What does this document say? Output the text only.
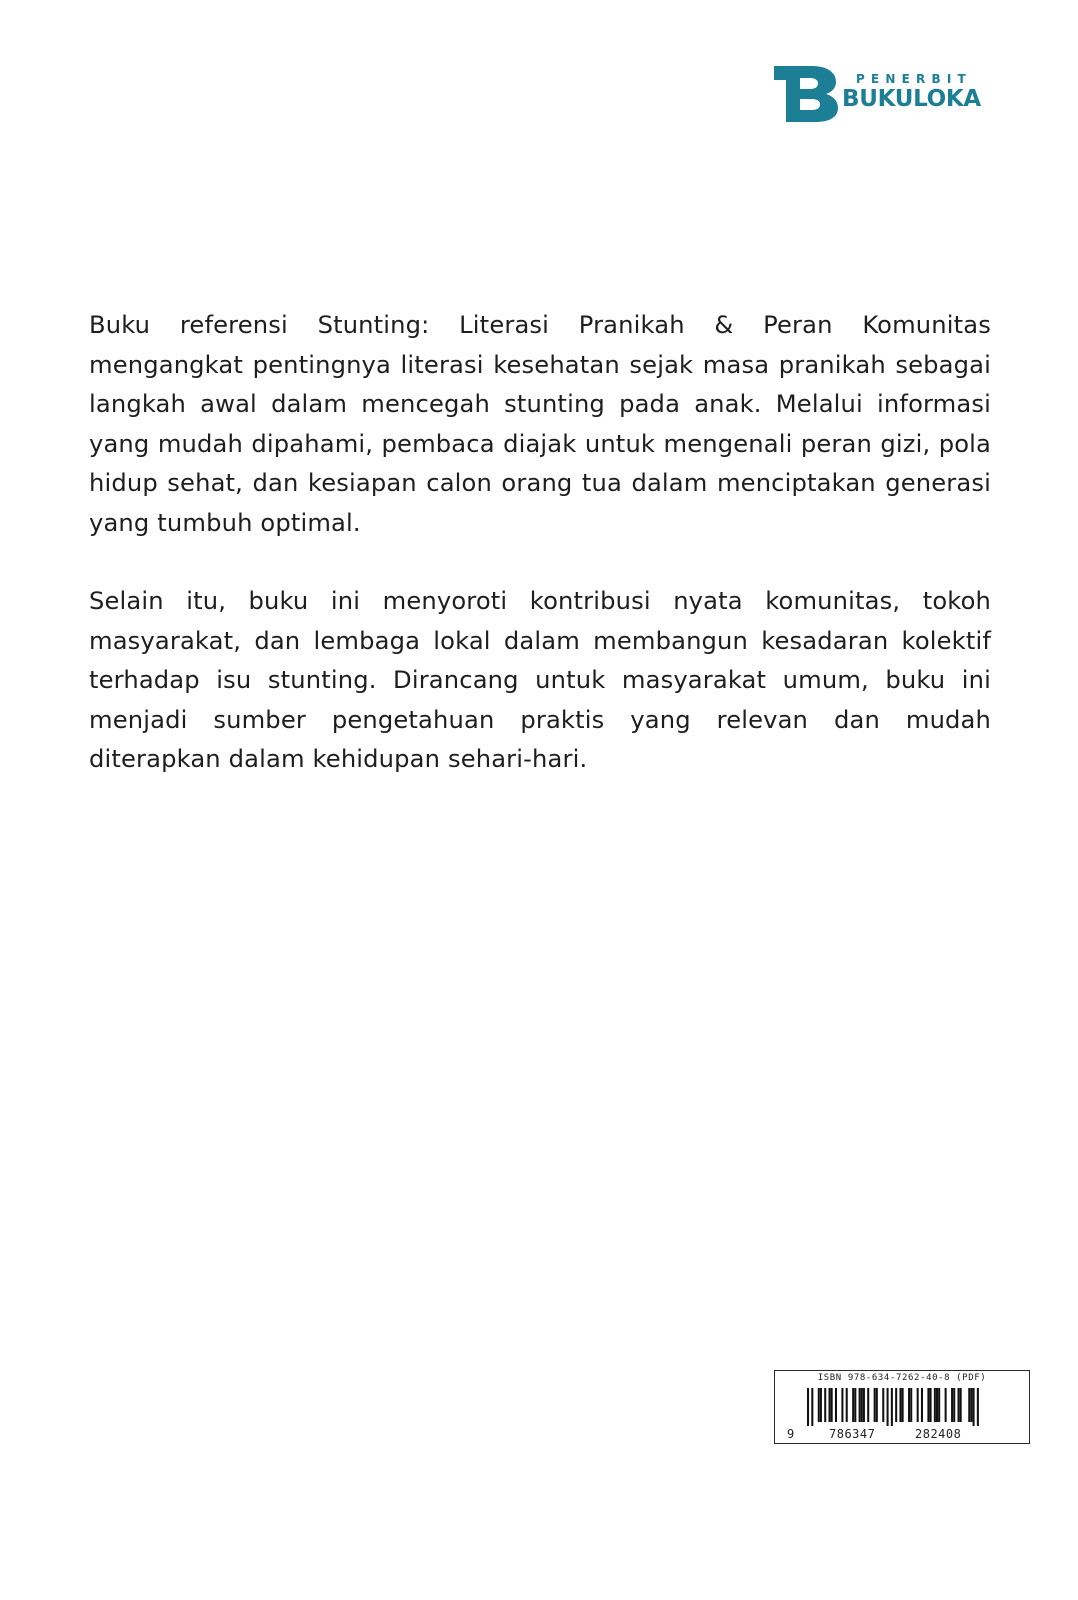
PENERBIT
BUKULOKA

Buku referensi Stunting: Literasi Pranikah & Peran Komunitas mengangkat pentingnya literasi kesehatan sejak masa pranikah sebagai langkah awal dalam mencegah stunting pada anak. Melalui informasi yang mudah dipahami, pembaca diajak untuk mengenali peran gizi, pola hidup sehat, dan kesiapan calon orang tua dalam menciptakan generasi yang tumbuh optimal.

Selain itu, buku ini menyoroti kontribusi nyata komunitas, tokoh masyarakat, dan lembaga lokal dalam membangun kesadaran kolektif terhadap isu stunting. Dirancang untuk masyarakat umum, buku ini menjadi sumber pengetahuan praktis yang relevan dan mudah diterapkan dalam kehidupan sehari-hari.

ISBN 978-634-7262-40-8 (PDF)
9	786347	282408
